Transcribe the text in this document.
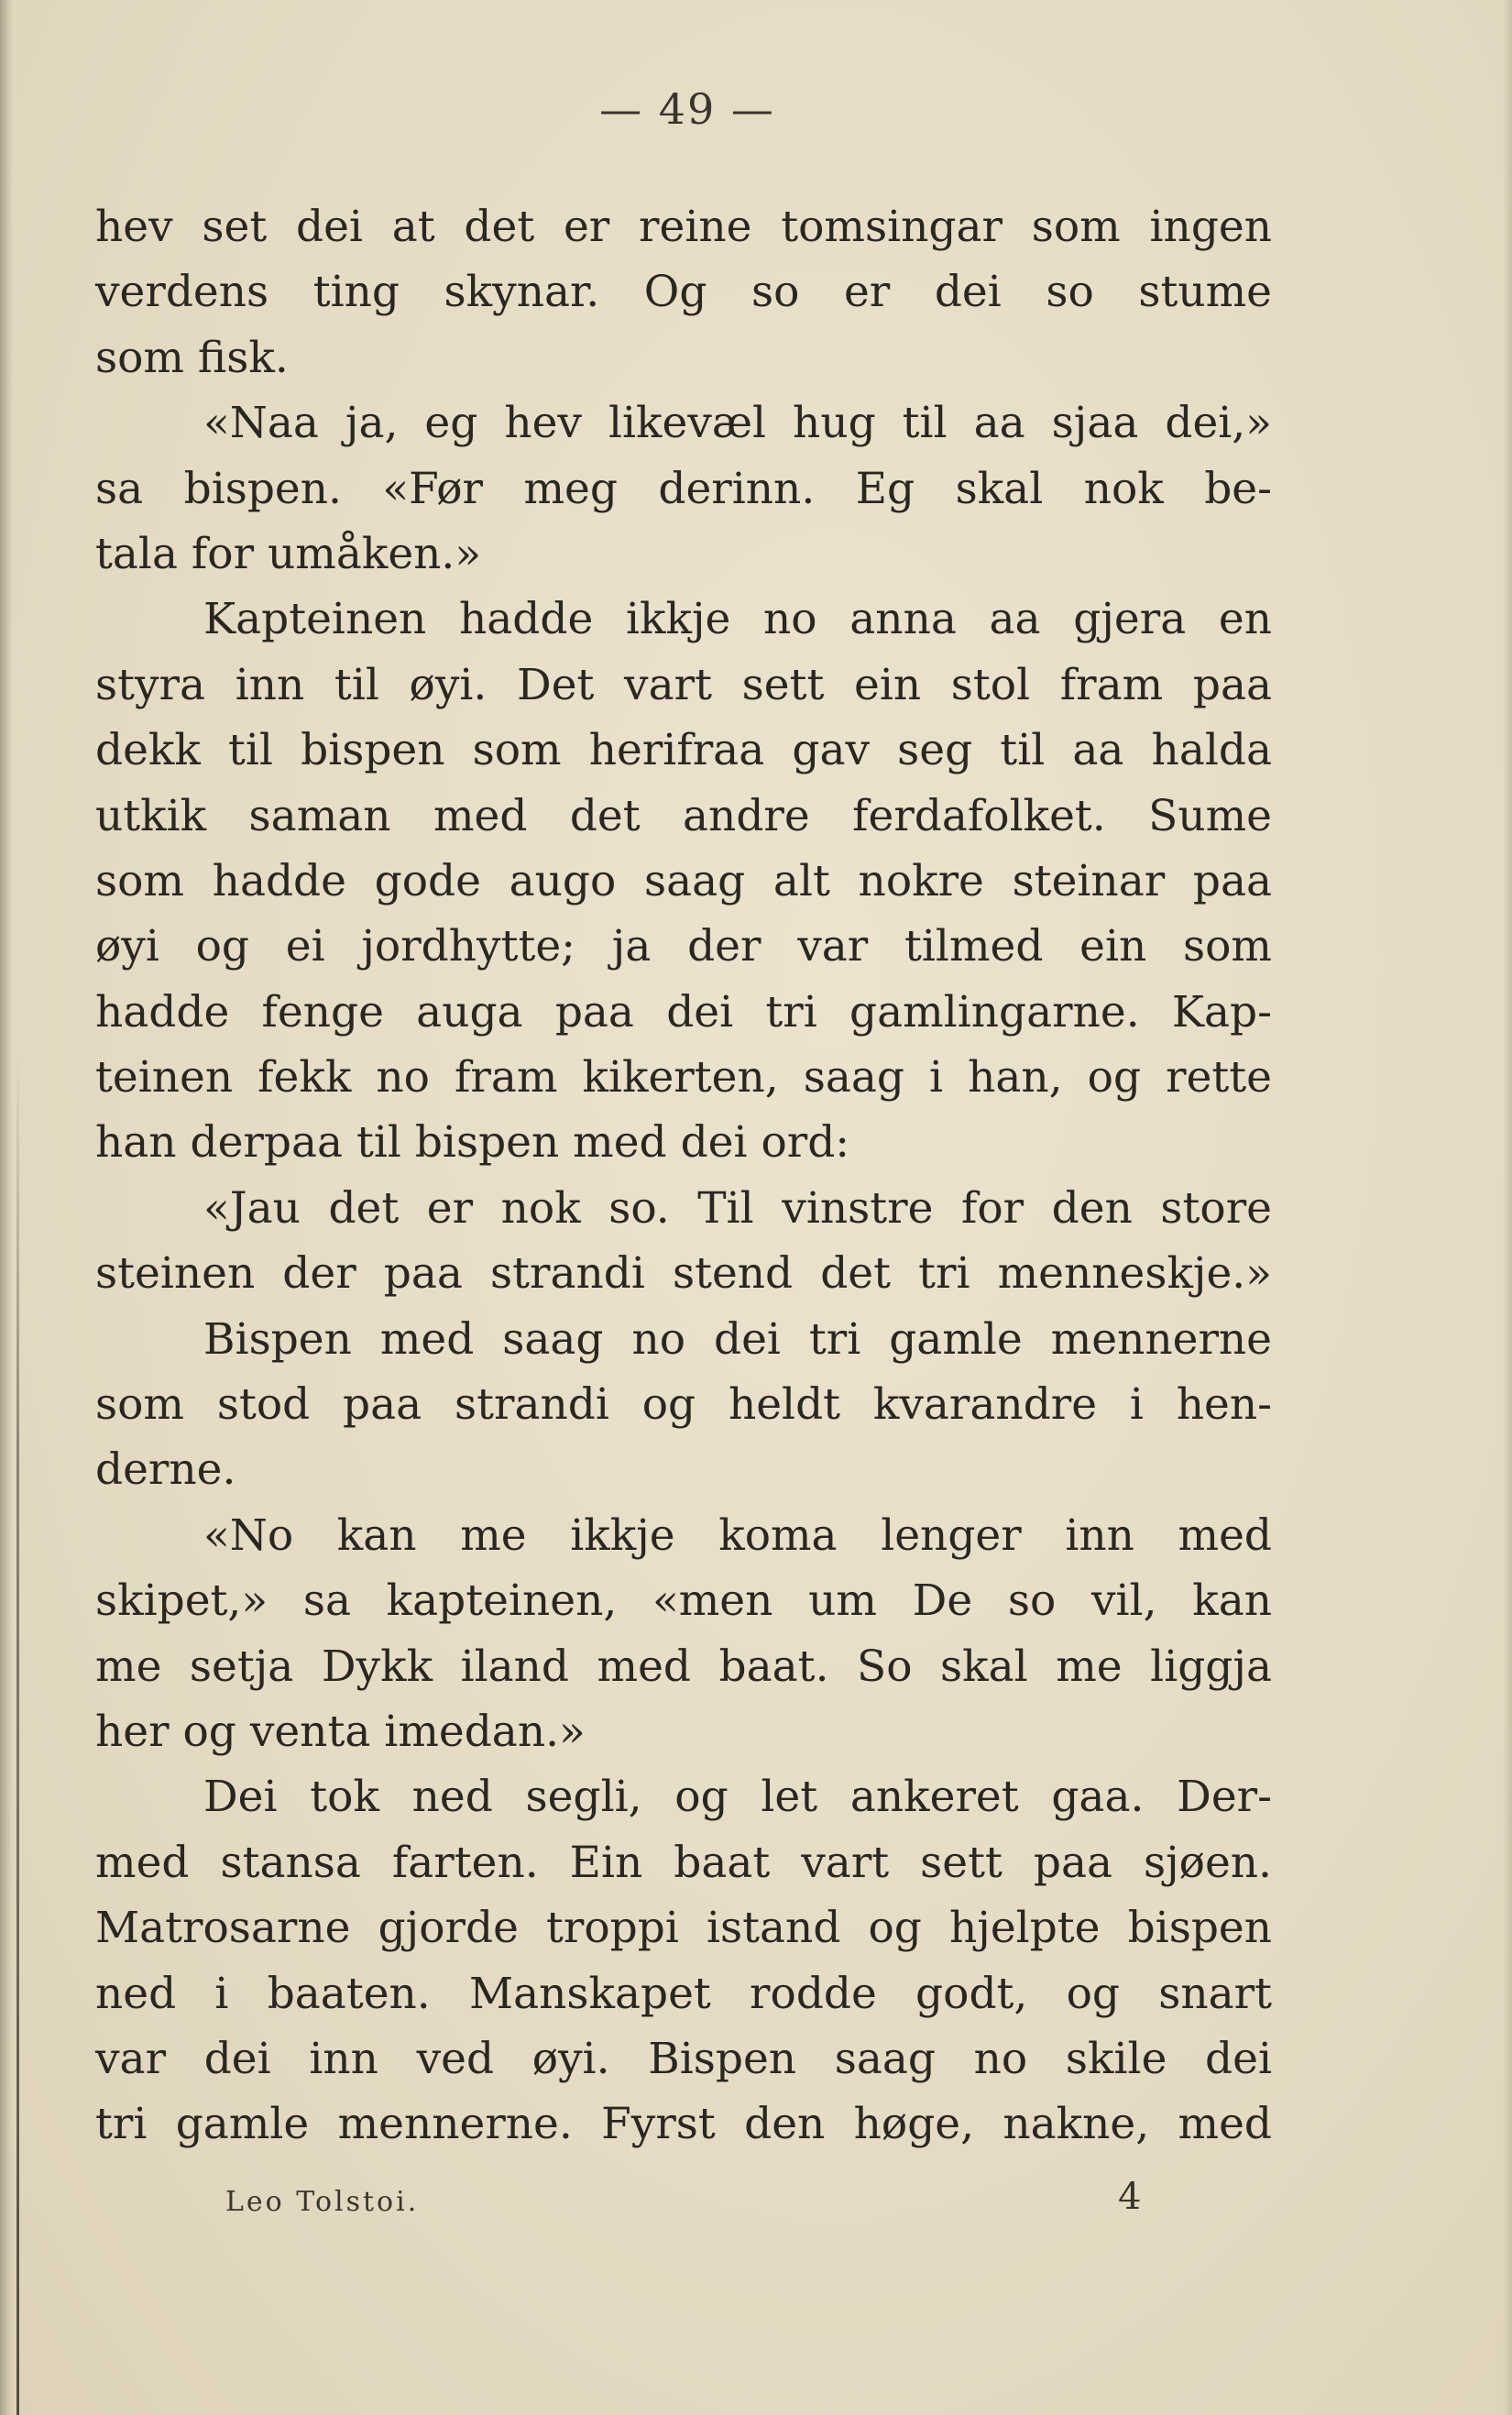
— 49 —
hev set dei at det er reine tomsingar som ingen
verdens ting skynar. Og so er dei so stume
som fisk.
«Naa ja, eg hev likevæl hug til aa sjaa dei,»
sa bispen. «Før meg derinn. Eg skal nok be-
tala for umåken.»
Kapteinen hadde ikkje no anna aa gjera en
styra inn til øyi. Det vart sett ein stol fram paa
dekk til bispen som herifraa gav seg til aa halda
utkik saman med det andre ferdafolket. Sume
som hadde gode augo saag alt nokre steinar paa
øyi og ei jordhytte; ja der var tilmed ein som
hadde fenge auga paa dei tri gamlingarne. Kap-
teinen fekk no fram kikerten, saag i han, og rette
han derpaa til bispen med dei ord:
«Jau det er nok so. Til vinstre for den store
steinen der paa strandi stend det tri menneskje.»
Bispen med saag no dei tri gamle mennerne
som stod paa strandi og heldt kvarandre i hen-
derne.
«No kan me ikkje koma lenger inn med
skipet,» sa kapteinen, «men um De so vil, kan
me setja Dykk iland med baat. So skal me liggja
her og venta imedan.»
Dei tok ned segli, og let ankeret gaa. Der-
med stansa farten. Ein baat vart sett paa sjøen.
Matrosarne gjorde troppi istand og hjelpte bispen
ned i baaten. Manskapet rodde godt, og snart
var dei inn ved øyi. Bispen saag no skile dei
tri gamle mennerne. Fyrst den høge, nakne, med
Leo Tolstoi.	4
